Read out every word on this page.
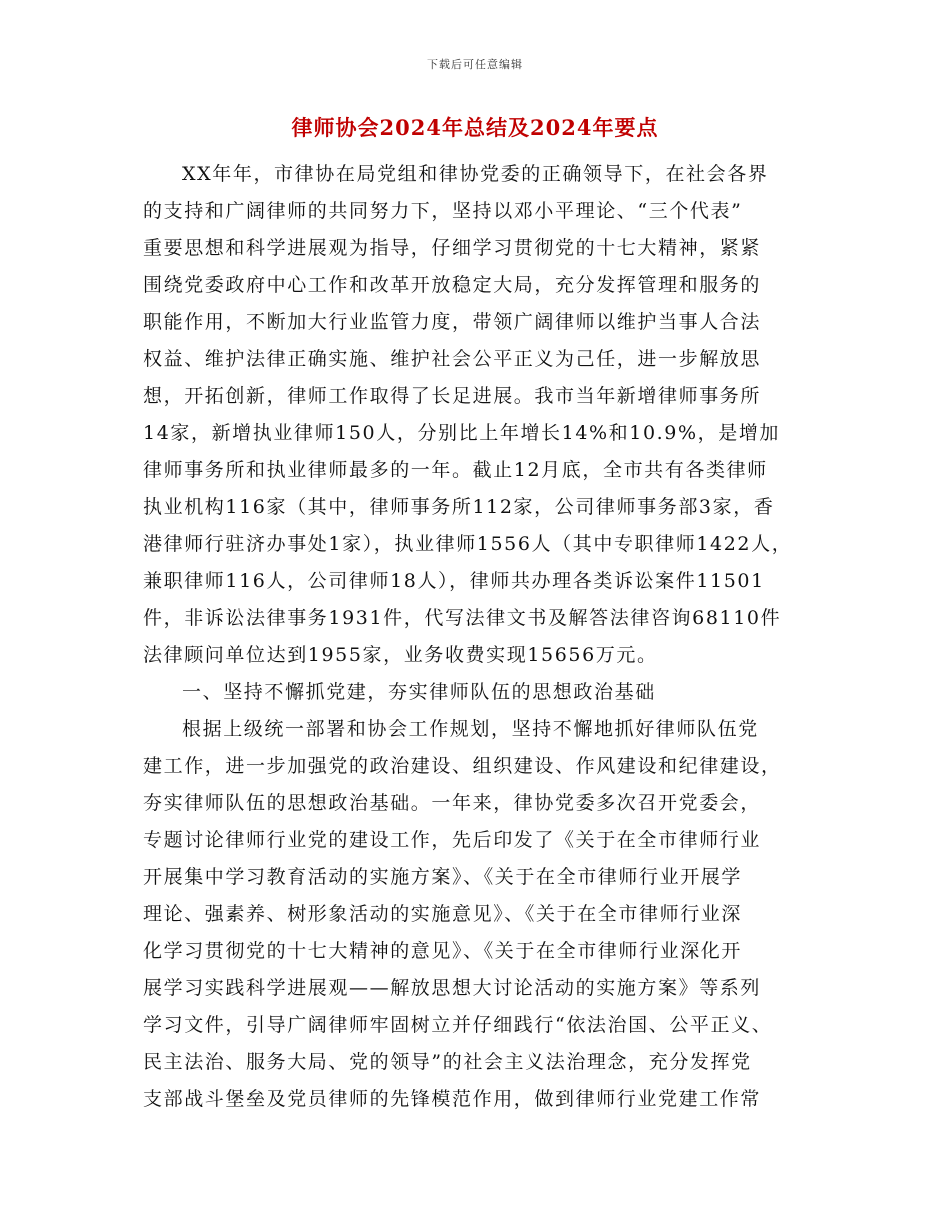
下载后可任意编辑
律师协会2024年总结及2024年要点
XX年年，市律协在局党组和律协党委的正确领导下，在社会各界
的支持和广阔律师的共同努力下，坚持以邓小平理论、“三个代表”
重要思想和科学进展观为指导，仔细学习贯彻党的十七大精神，紧紧
围绕党委政府中心工作和改革开放稳定大局，充分发挥管理和服务的
职能作用，不断加大行业监管力度，带领广阔律师以维护当事人合法
权益、维护法律正确实施、维护社会公平正义为己任，进一步解放思
想，开拓创新，律师工作取得了长足进展。我市当年新增律师事务所
14家，新增执业律师150人，分别比上年增长14%和10.9%，是增加
律师事务所和执业律师最多的一年。截止12月底，全市共有各类律师
执业机构116家（其中，律师事务所112家，公司律师事务部3家，香
港律师行驻济办事处1家），执业律师1556人（其中专职律师1422人，
兼职律师116人，公司律师18人），律师共办理各类诉讼案件11501
件，非诉讼法律事务1931件，代写法律文书及解答法律咨询68110件
法律顾问单位达到1955家，业务收费实现15656万元。
一、坚持不懈抓党建，夯实律师队伍的思想政治基础
根据上级统一部署和协会工作规划，坚持不懈地抓好律师队伍党
建工作，进一步加强党的政治建设、组织建设、作风建设和纪律建设，
夯实律师队伍的思想政治基础。一年来，律协党委多次召开党委会，
专题讨论律师行业党的建设工作，先后印发了《关于在全市律师行业
开展集中学习教育活动的实施方案》、《关于在全市律师行业开展学
理论、强素养、树形象活动的实施意见》、《关于在全市律师行业深
化学习贯彻党的十七大精神的意见》、《关于在全市律师行业深化开
展学习实践科学进展观——解放思想大讨论活动的实施方案》等系列
学习文件，引导广阔律师牢固树立并仔细践行“依法治国、公平正义、
民主法治、服务大局、党的领导”的社会主义法治理念，充分发挥党
支部战斗堡垒及党员律师的先锋模范作用，做到律师行业党建工作常
